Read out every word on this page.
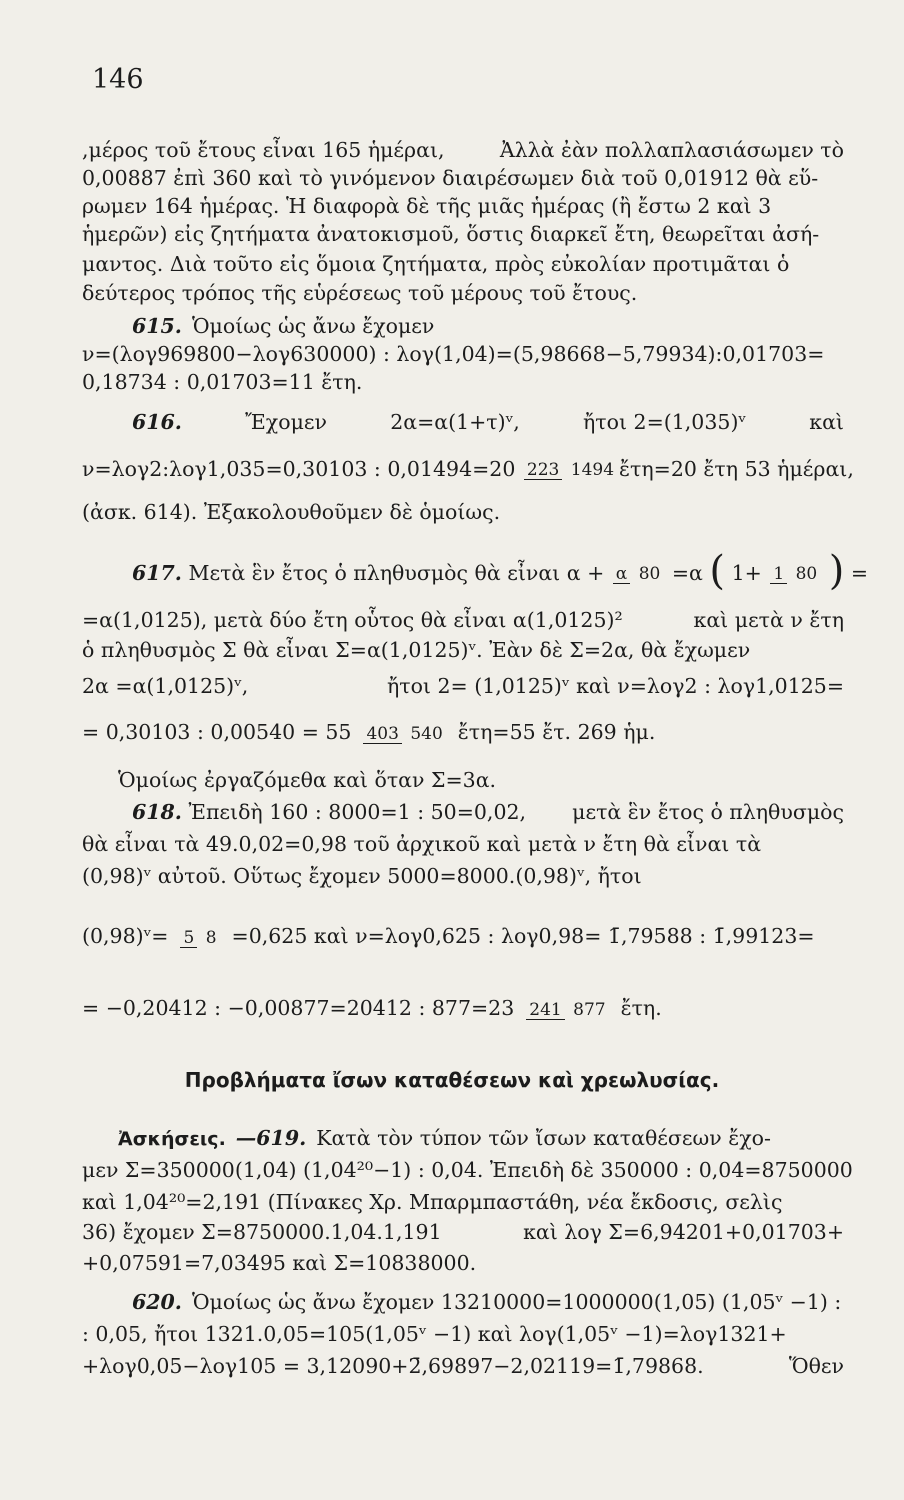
146
,μέρος τοῦ ἔτους εἶναι 165 ἡμέραι,	Ἀλλὰ ἐὰν πολλαπλασιάσωμεν τὸ
0,00887 ἐπὶ 360 καὶ τὸ γινόμενον διαιρέσωμεν διὰ τοῦ 0,01912 θὰ εὕ-
ρωμεν 164 ἡμέρας. Ἡ διαφορὰ δὲ τῆς μιᾶς ἡμέρας (ἢ ἔστω 2 καὶ 3
ἡμερῶν) εἰς ζητήματα ἀνατοκισμοῦ, ὅστις διαρκεῖ ἔτη, θεωρεῖται ἀσή-
μαντος. Διὰ τοῦτο εἰς ὅμοια ζητήματα, πρὸς εὐκολίαν προτιμᾶται ὁ
δεύτερος τρόπος τῆς εὑρέσεως τοῦ μέρους τοῦ ἔτους.
615. Ὁμοίως ὡς ἄνω ἔχομεν
ν=(λογ969800−λογ630000) : λογ(1,04)=(5,98668−5,79934):0,01703=
0,18734 : 0,01703=11 ἔτη.
616.	Ἔχομεν	2α=α(1+τ)ᵛ,	ἤτοι 2=(1,035)ᵛ	καὶ
ν=λογ2:λογ1,035=0,30103 : 0,01494=20 223 1494 ἔτη=20 ἔτη 53 ἡμέραι,
(ἀσκ. 614). Ἐξακολουθοῦμεν δὲ ὁμοίως.
617. Μετὰ ἓν ἔτος ὁ πληθυσμὸς θὰ εἶναι α + α 80 =α ( 1+ 1 80 ) =
=α(1,0125), μετὰ δύο ἔτη οὗτος θὰ εἶναι α(1,0125)²	καὶ μετὰ ν ἔτη
ὁ πληθυσμὸς Σ θὰ εἶναι Σ=α(1,0125)ᵛ. Ἐὰν δὲ Σ=2α, θὰ ἔχωμεν
2α =α(1,0125)ᵛ,	ἤτοι 2= (1,0125)ᵛ καὶ ν=λογ2 : λογ1,0125=
= 0,30103 : 0,00540 = 55 403 540 ἔτη=55 ἔτ. 269 ἡμ.
Ὁμοίως ἐργαζόμεθα καὶ ὅταν Σ=3α.
618. Ἐπειδὴ 160 : 8000=1 : 50=0,02, μετὰ ἓν ἔτος ὁ πληθυσμὸς
θὰ εἶναι τὰ 49.0,02=0,98 τοῦ ἀρχικοῦ καὶ μετὰ ν ἔτη θὰ εἶναι τὰ
(0,98)ᵛ αὐτοῦ. Οὕτως ἔχομεν 5000=8000.(0,98)ᵛ, ἤτοι
(0,98)ᵛ= 5 8 =0,625 καὶ ν=λογ0,625 : λογ0,98= 1̄,79588 : 1̄,99123=
= −0,20412 : −0,00877=20412 : 877=23 241 877 ἔτη.
Προβλήματα ἴσων καταθέσεων καὶ χρεωλυσίας.
Ἀσκήσεις. —619. Κατὰ τὸν τύπον τῶν ἴσων καταθέσεων ἔχο-
μεν Σ=350000(1,04) (1,04²⁰−1) : 0,04. Ἐπειδὴ δὲ 350000 : 0,04=8750000
καὶ 1,04²⁰=2,191 (Πίνακες Χρ. Μπαρμπαστάθη, νέα ἔκδοσις, σελὶς
36) ἔχομεν Σ=8750000.1,04.1,191	καὶ λογ Σ=6,94201+0,01703+
+0,07591=7,03495 καὶ Σ=10838000.
620. Ὁμοίως ὡς ἄνω ἔχομεν 13210000=1000000(1,05) (1,05ᵛ −1) :
: 0,05, ἤτοι 1321.0,05=105(1,05ᵛ −1) καὶ λογ(1,05ᵛ −1)=λογ1321+
+λογ0,05−λογ105 = 3,12090+2̄,69897−2,02119=1̄,79868.	Ὅθεν
